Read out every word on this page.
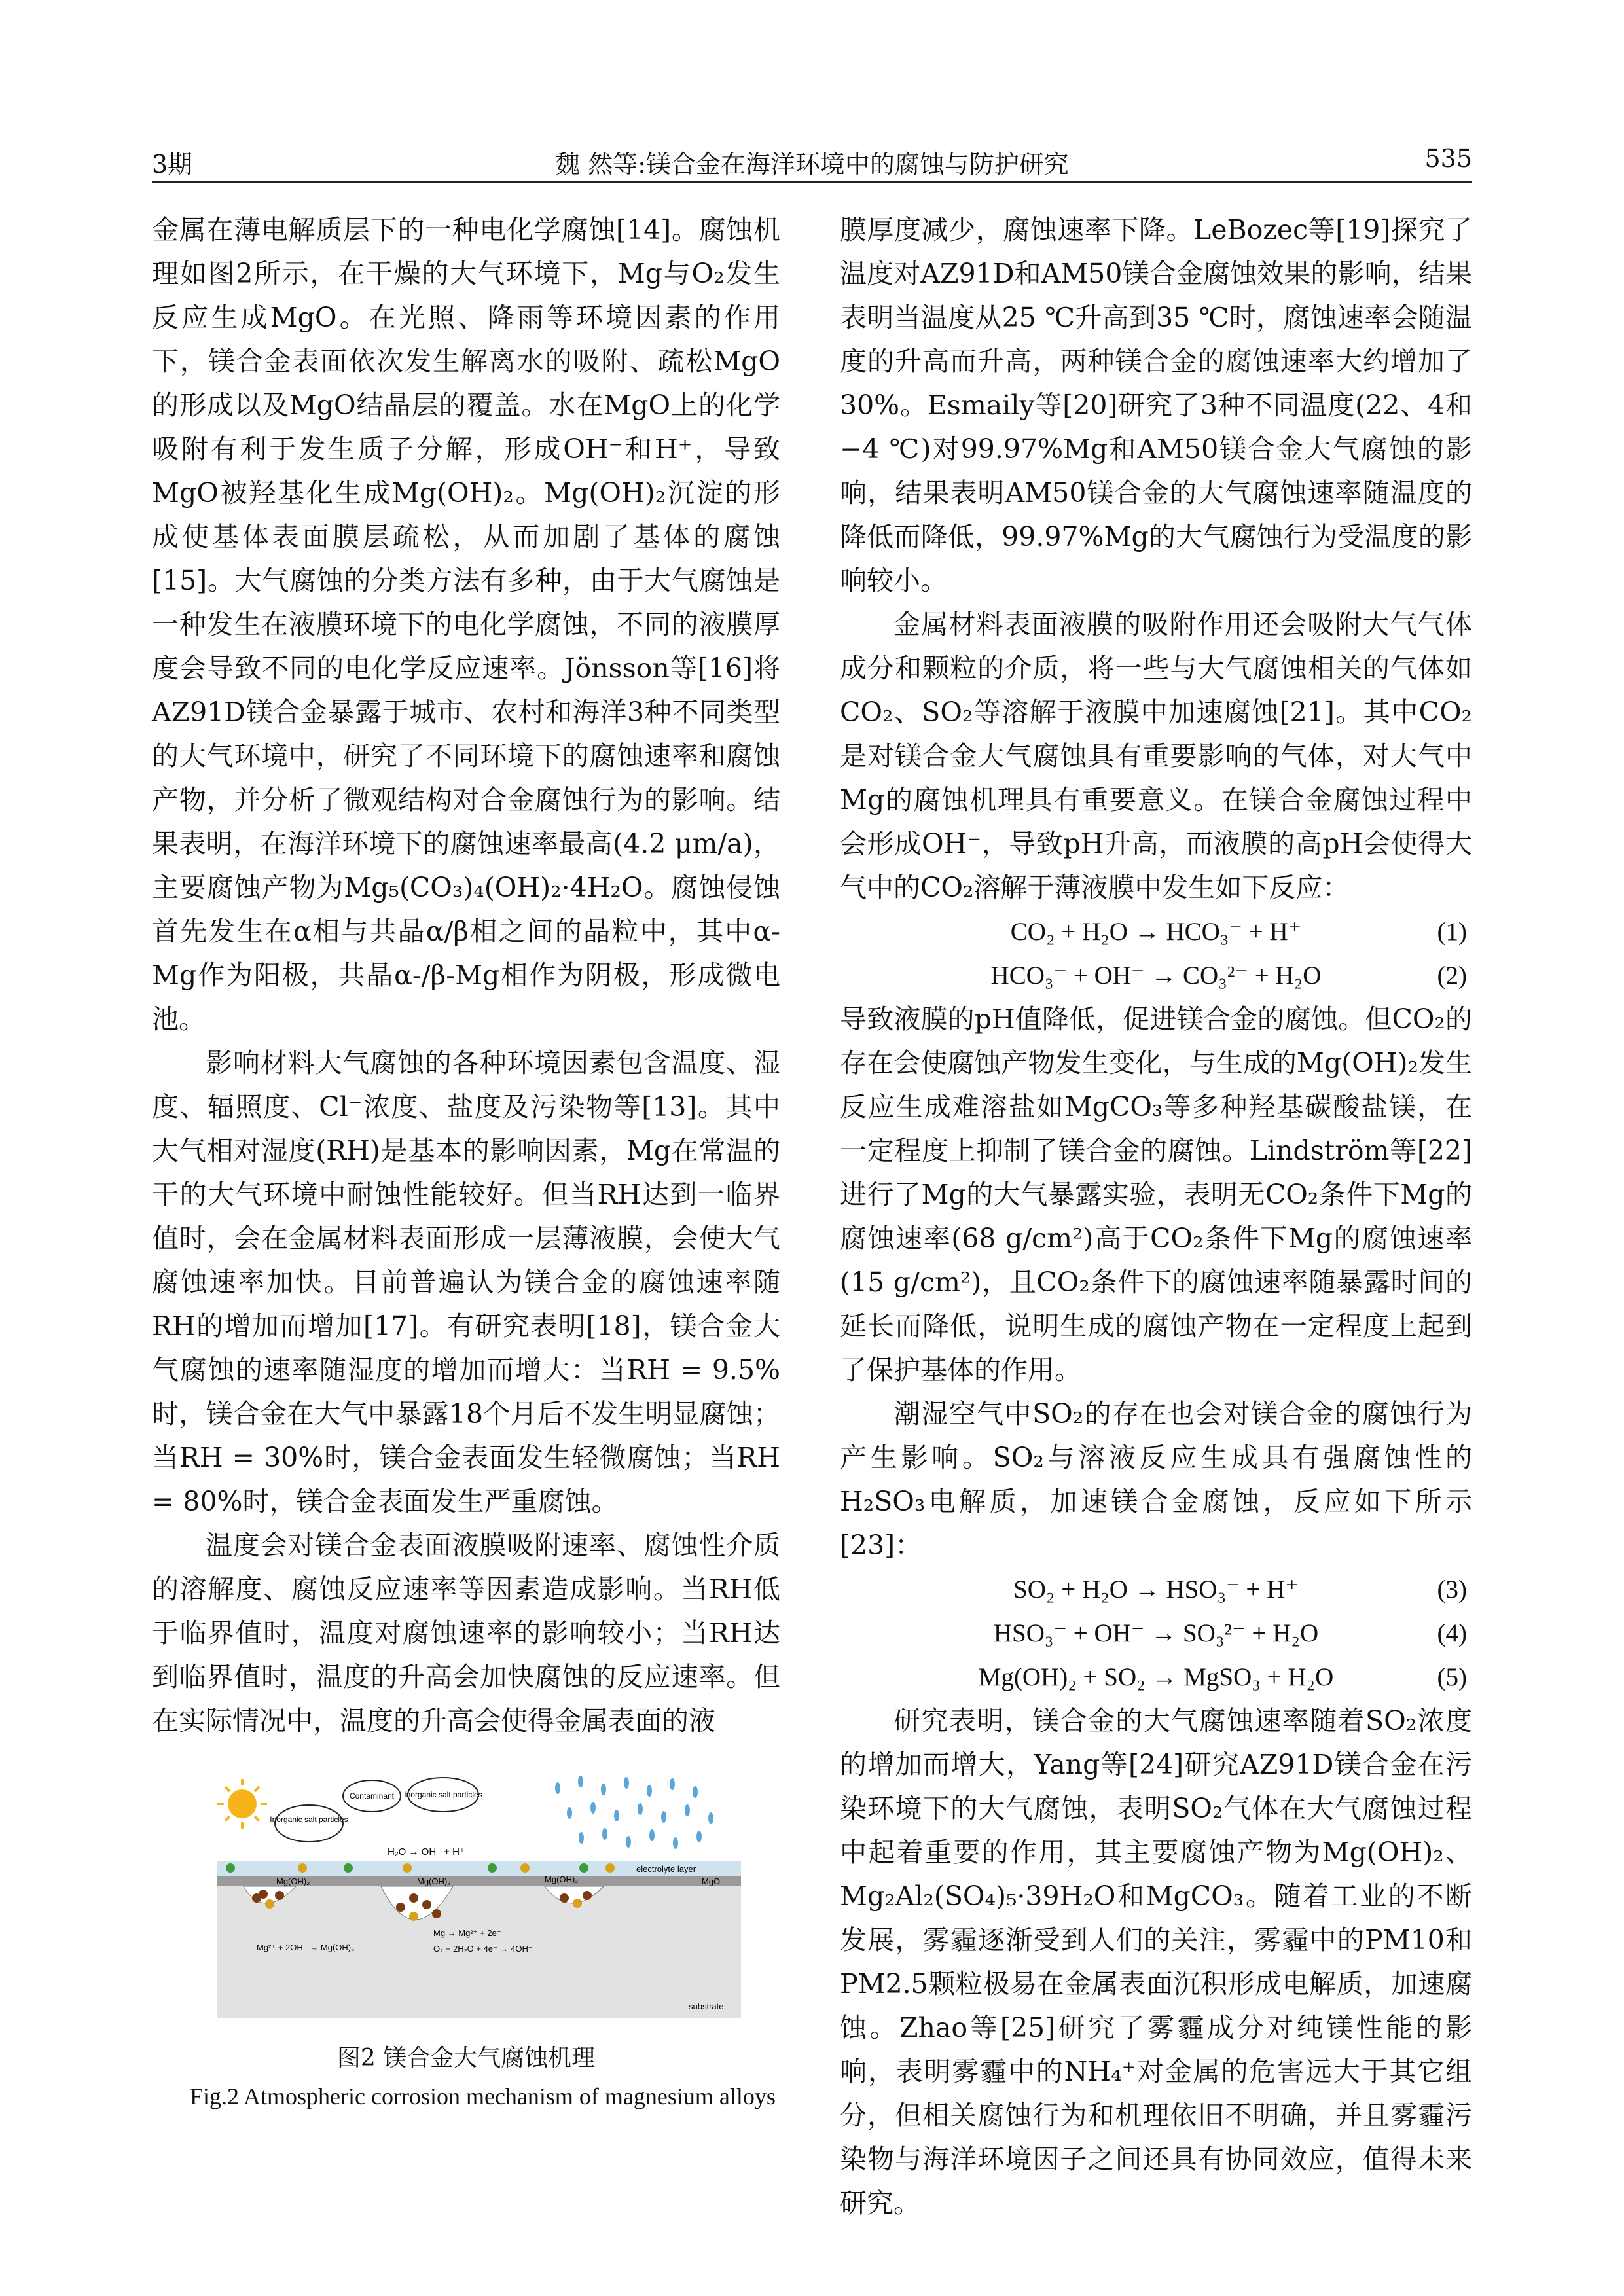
3期	魏 然等:镁合金在海洋环境中的腐蚀与防护研究	535

金属在薄电解质层下的一种电化学腐蚀[14]。腐蚀机理如图2所示，在干燥的大气环境下，Mg与O₂发生反应生成MgO。在光照、降雨等环境因素的作用下，镁合金表面依次发生解离水的吸附、疏松MgO的形成以及MgO结晶层的覆盖。水在MgO上的化学吸附有利于发生质子分解，形成OH⁻和H⁺，导致MgO被羟基化生成Mg(OH)₂。Mg(OH)₂沉淀的形成使基体表面膜层疏松，从而加剧了基体的腐蚀[15]。大气腐蚀的分类方法有多种，由于大气腐蚀是一种发生在液膜环境下的电化学腐蚀，不同的液膜厚度会导致不同的电化学反应速率。Jönsson等[16]将AZ91D镁合金暴露于城市、农村和海洋3种不同类型的大气环境中，研究了不同环境下的腐蚀速率和腐蚀产物，并分析了微观结构对合金腐蚀行为的影响。结果表明，在海洋环境下的腐蚀速率最高(4.2 μm/a)，主要腐蚀产物为Mg₅(CO₃)₄(OH)₂·4H₂O。腐蚀侵蚀首先发生在α相与共晶α/β相之间的晶粒中，其中α-Mg作为阳极，共晶α-/β-Mg相作为阴极，形成微电池。

影响材料大气腐蚀的各种环境因素包含温度、湿度、辐照度、Cl⁻浓度、盐度及污染物等[13]。其中大气相对湿度(RH)是基本的影响因素，Mg在常温的干的大气环境中耐蚀性能较好。但当RH达到一临界值时，会在金属材料表面形成一层薄液膜，会使大气腐蚀速率加快。目前普遍认为镁合金的腐蚀速率随RH的增加而增加[17]。有研究表明[18]，镁合金大气腐蚀的速率随湿度的增加而增大：当RH = 9.5%时，镁合金在大气中暴露18个月后不发生明显腐蚀；当RH = 30%时，镁合金表面发生轻微腐蚀；当RH = 80%时，镁合金表面发生严重腐蚀。

温度会对镁合金表面液膜吸附速率、腐蚀性介质的溶解度、腐蚀反应速率等因素造成影响。当RH低于临界值时，温度对腐蚀速率的影响较小；当RH达到临界值时，温度的升高会加快腐蚀的反应速率。但在实际情况中，温度的升高会使得金属表面的液

Inorganic salt particles
Contaminant Inorganic salt particles
H₂O → OH⁻ + H⁺
electrolyte layer
MgO
Mg(OH)₂	Mg(OH)₂	Mg(OH)₂
Mg → Mg²⁺ + 2e⁻
O₂ + 2H₂O + 4e⁻ → 4OH⁻
Mg²⁺ + 2OH⁻ → Mg(OH)₂
substrate
图2 镁合金大气腐蚀机理
Fig.2 Atmospheric corrosion mechanism of magnesium alloys

膜厚度减少，腐蚀速率下降。LeBozec等[19]探究了温度对AZ91D和AM50镁合金腐蚀效果的影响，结果表明当温度从25 ℃升高到35 ℃时，腐蚀速率会随温度的升高而升高，两种镁合金的腐蚀速率大约增加了30%。Esmaily等[20]研究了3种不同温度(22、4和−4 ℃)对99.97%Mg和AM50镁合金大气腐蚀的影响，结果表明AM50镁合金的大气腐蚀速率随温度的降低而降低，99.97%Mg的大气腐蚀行为受温度的影响较小。

金属材料表面液膜的吸附作用还会吸附大气气体成分和颗粒的介质，将一些与大气腐蚀相关的气体如CO₂、SO₂等溶解于液膜中加速腐蚀[21]。其中CO₂是对镁合金大气腐蚀具有重要影响的气体，对大气中Mg的腐蚀机理具有重要意义。在镁合金腐蚀过程中会形成OH⁻，导致pH升高，而液膜的高pH会使得大气中的CO₂溶解于薄液膜中发生如下反应：

CO₂ + H₂O → HCO₃⁻ + H⁺	(1)
HCO₃⁻ + OH⁻ → CO₃²⁻ + H₂O	(2)

导致液膜的pH值降低，促进镁合金的腐蚀。但CO₂的存在会使腐蚀产物发生变化，与生成的Mg(OH)₂发生反应生成难溶盐如MgCO₃等多种羟基碳酸盐镁，在一定程度上抑制了镁合金的腐蚀。Lindström等[22]进行了Mg的大气暴露实验，表明无CO₂条件下Mg的腐蚀速率(68 g/cm²)高于CO₂条件下Mg的腐蚀速率(15 g/cm²)，且CO₂条件下的腐蚀速率随暴露时间的延长而降低，说明生成的腐蚀产物在一定程度上起到了保护基体的作用。

潮湿空气中SO₂的存在也会对镁合金的腐蚀行为产生影响。SO₂与溶液反应生成具有强腐蚀性的H₂SO₃电解质，加速镁合金腐蚀，反应如下所示[23]：

SO₂ + H₂O → HSO₃⁻ + H⁺	(3)
HSO₃⁻ + OH⁻ → SO₃²⁻ + H₂O	(4)
Mg(OH)₂ + SO₂ → MgSO₃ + H₂O	(5)

研究表明，镁合金的大气腐蚀速率随着SO₂浓度的增加而增大，Yang等[24]研究AZ91D镁合金在污染环境下的大气腐蚀，表明SO₂气体在大气腐蚀过程中起着重要的作用，其主要腐蚀产物为Mg(OH)₂、Mg₂Al₂(SO₄)₅·39H₂O和MgCO₃。随着工业的不断发展，雾霾逐渐受到人们的关注，雾霾中的PM10和PM2.5颗粒极易在金属表面沉积形成电解质，加速腐蚀。Zhao等[25]研究了雾霾成分对纯镁性能的影响，表明雾霾中的NH₄⁺对金属的危害远大于其它组分，但相关腐蚀行为和机理依旧不明确，并且雾霾污染物与海洋环境因子之间还具有协同效应，值得未来研究。
